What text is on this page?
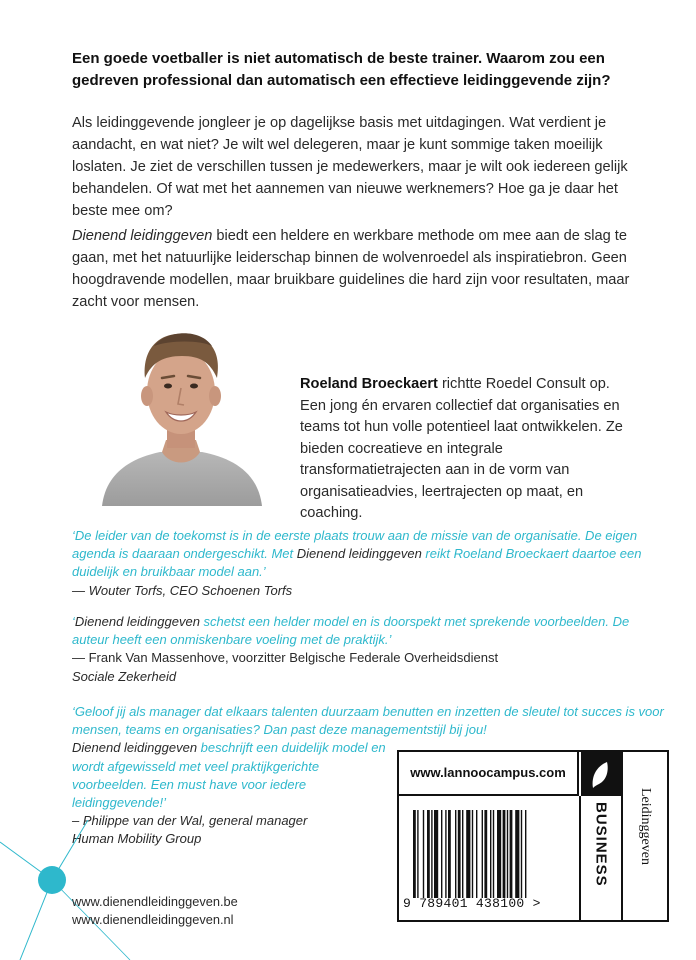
Een goede voetballer is niet automatisch de beste trainer. Waarom zou een gedreven professional dan automatisch een effectieve leidinggevende zijn?

Als leidinggevende jongleer je op dagelijkse basis met uitdagingen. Wat verdient je aandacht, en wat niet? Je wilt wel delegeren, maar je kunt sommige taken moeilijk loslaten. Je ziet de verschillen tussen je medewerkers, maar je wilt ook iedereen gelijk behandelen. Of wat met het aannemen van nieuwe werknemers? Hoe ga je daar het beste mee om?

Dienend leidinggeven biedt een heldere en werkbare methode om mee aan de slag te gaan, met het natuurlijke leiderschap binnen de wolvenroedel als inspiratiebron. Geen hoogdravende modellen, maar bruikbare guidelines die hard zijn voor resultaten, maar zacht voor mensen.

Roeland Broeckaert richtte Roedel Consult op. Een jong én ervaren collectief dat organisaties en teams tot hun volle potentieel laat ontwikkelen. Ze bieden cocreatieve en integrale transformatietrajecten aan in de vorm van organisatieadvies, leertrajecten op maat, en coaching.

‘De leider van de toekomst is in de eerste plaats trouw aan de missie van de organisatie. De eigen agenda is daaraan ondergeschikt. Met Dienend leidinggeven reikt Roeland Broeckaert daartoe een duidelijk en bruikbaar model aan.’
— Wouter Torfs, CEO Schoenen Torfs
‘Dienend leidinggeven schetst een helder model en is doorspekt met sprekende voorbeelden. De auteur heeft een onmiskenbare voeling met de praktijk.’
— Frank Van Massenhove, voorzitter Belgische Federale Overheidsdienst
Sociale Zekerheid
‘Geloof jij als manager dat elkaars talenten duurzaam benutten en inzetten de sleutel tot succes is voor mensen, teams en organisaties? Dan past deze managementstijl bij jou!
Dienend leidinggeven beschrijft een duidelijk model en wordt afgewisseld met veel praktijkgerichte voorbeelden. Een must have voor iedere leidinggevende!’
– Philippe van der Wal, general manager
Human Mobility Group
www.dienendleidinggeven.be
www.dienendleidinggeven.nl
www.lannoocampus.com
BUSINESS Leidinggeven
9 789401 438100 >
